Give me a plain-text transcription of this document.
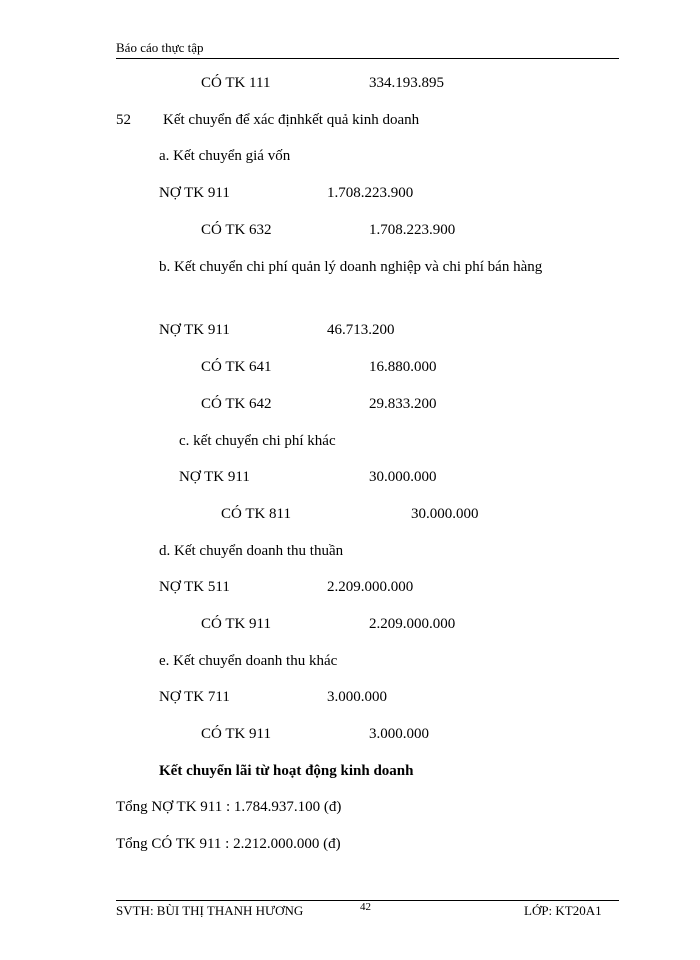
Báo cáo thực tập
CÓ TK 111	334.193.895
52 Kết chuyển để xác địnhkết quả kinh doanh
a. Kết chuyển giá vốn
NỢ TK 911	1.708.223.900
CÓ TK 632	1.708.223.900
b. Kết chuyển chi phí quản lý doanh nghiệp và chi phí bán hàng
NỢ TK 911	46.713.200
CÓ TK 641	16.880.000
CÓ TK 642	29.833.200
c. kết chuyển chi phí khác
NỢ TK 911	30.000.000
CÓ TK 811	30.000.000
d. Kết chuyển doanh thu thuần
NỢ TK 511	2.209.000.000
CÓ TK 911	2.209.000.000
e. Kết chuyển doanh thu khác
NỢ TK 711	3.000.000
CÓ TK 911	3.000.000
Kết chuyển lãi từ hoạt động kinh doanh
Tổng NỢ TK 911 : 1.784.937.100 (đ)
Tổng CÓ TK 911 : 2.212.000.000 (đ)
SVTH: BÙI THỊ THANH HƯƠNG	42	LỚP: KT20A1
